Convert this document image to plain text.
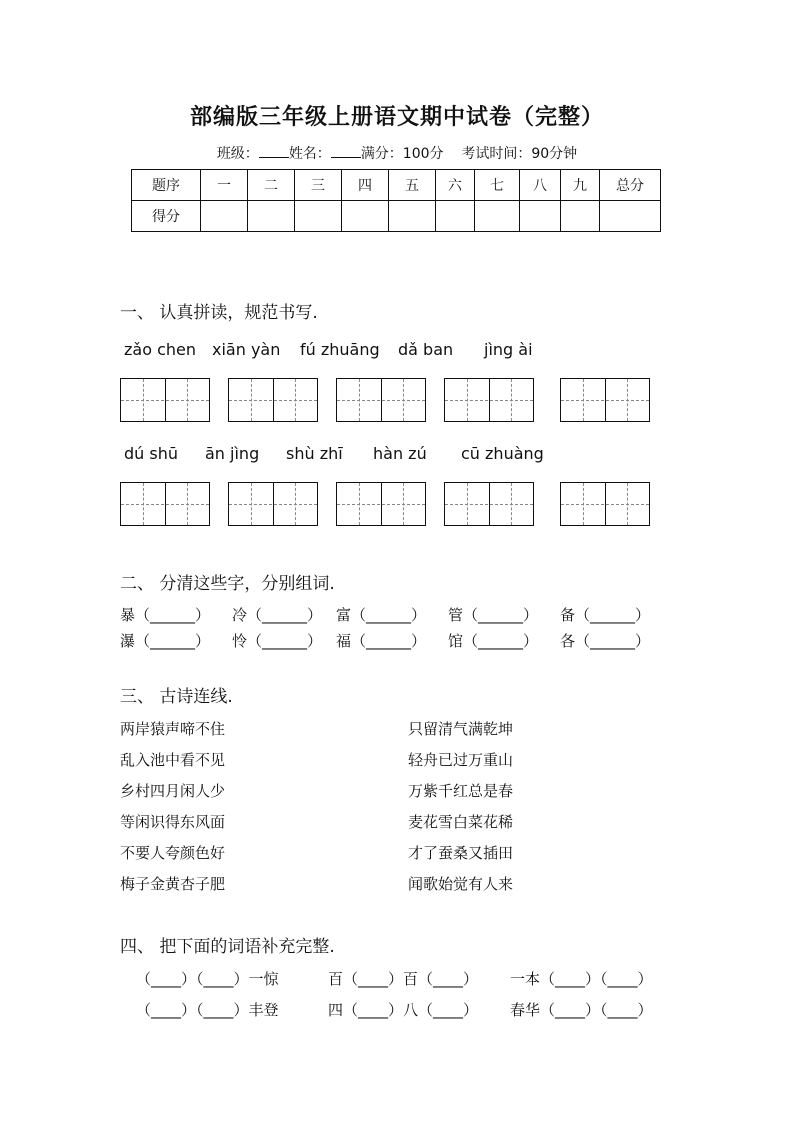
部编版三年级上册语文期中试卷（完整）
班级： 姓名： 满分：100分 考试时间：90分钟
题序	一	二	三	四	五	六	七	八	九	总分
得分										
一、 认真拼读，规范书写.
zǎo chen xiān yàn fú zhuāng dǎ ban jìng ài
dú shū ān jìng shù zhī hàn zú cū zhuàng
二、 分清这些字，分别组词.
暴（______） 冷（______） 富（______） 管（______） 备（______）
瀑（______） 怜（______） 福（______） 馆（______） 各（______）
三、 古诗连线.
两岸猿声啼不住
乱入池中看不见
乡村四月闲人少
等闲识得东风面
不要人夸颜色好
梅子金黄杏子肥
只留清气满乾坤
轻舟已过万重山
万紫千红总是春
麦花雪白菜花稀
才了蚕桑又插田
闻歌始觉有人来
四、 把下面的词语补充完整.
（____）（____）一惊	百（____）百（____） 一本（____）（____）
（____）（____）丰登	四（____）八（____） 春华（____）（____）
